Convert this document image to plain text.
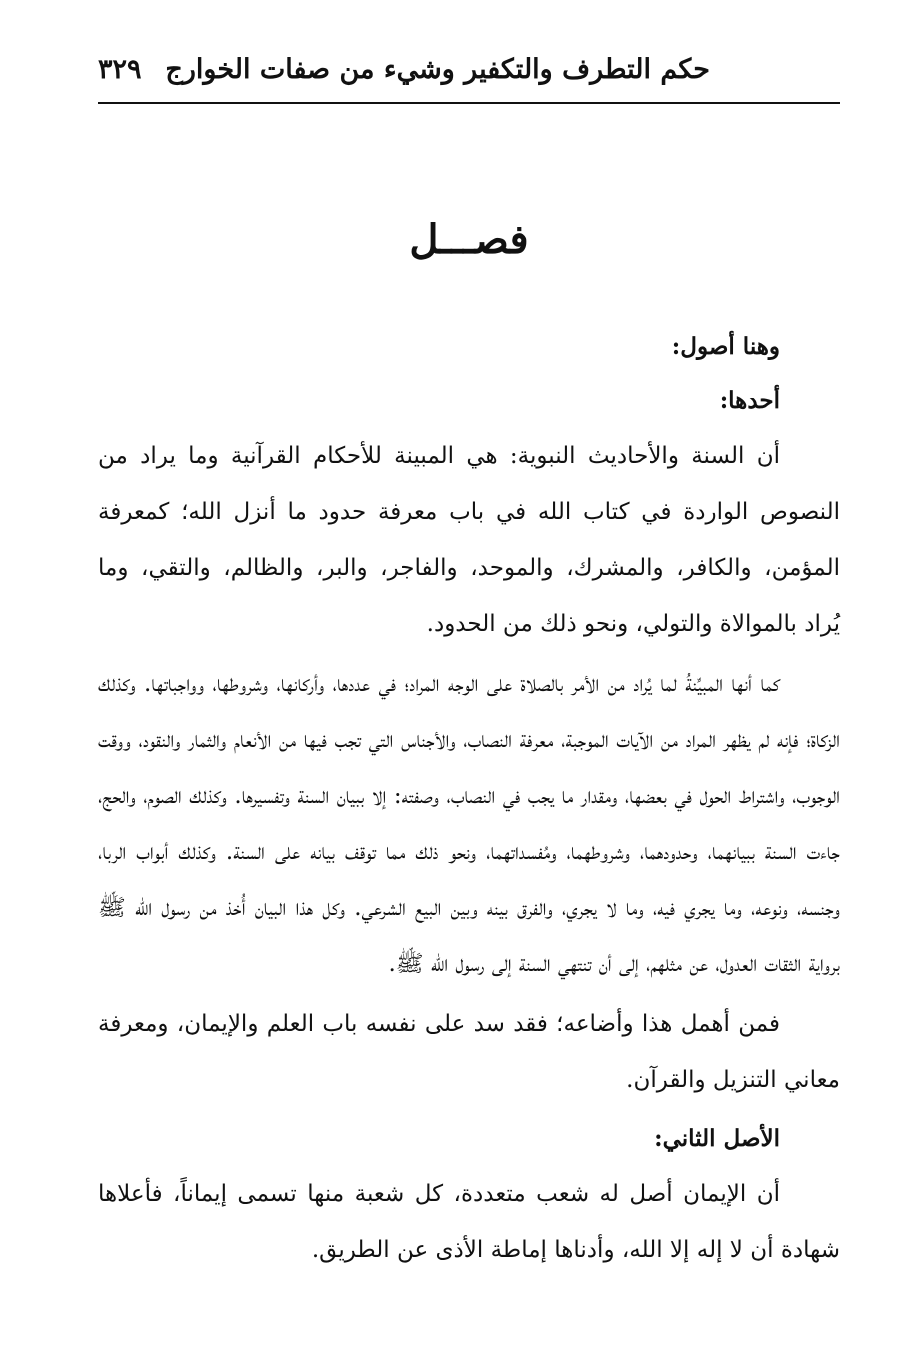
حكم التطرف والتكفير وشيء من صفات الخوارج
٣٢٩
فصـــل
وهنا أصول:
أحدها:

أن السنة والأحاديث النبوية: هي المبينة للأحكام القرآنية وما يراد من النصوص الواردة في كتاب الله في باب معرفة حدود ما أنزل الله؛ كمعرفة المؤمن، والكافر، والمشرك، والموحد، والفاجر، والبر، والظالم، والتقي، وما يُراد بالموالاة والتولي، ونحو ذلك من الحدود.

كما أنها المبيِّنةُ لما يُراد من الأمر بالصلاة على الوجه المراد؛ في عددها، وأركانها، وشروطها، وواجباتها. وكذلك الزكاة؛ فإنه لم يظهر المراد من الآيات الموجبة، معرفة النصاب، والأجناس التي تجب فيها من الأنعام والثمار والنقود، ووقت الوجوب، واشتراط الحول في بعضها، ومقدار ما يجب في النصاب، وصفته: إلا ببيان السنة وتفسيرها. وكذلك الصوم، والحج، جاءت السنة ببيانهما، وحدودهما، وشروطهما، ومُفسداتهما، ونحو ذلك مما توقف بيانه على السنة. وكذلك أبواب الربا، وجنسه، ونوعه، وما يجري فيه، وما لا يجري، والفرق بينه وبين البيع الشرعي. وكل هذا البيان أُخذ من رسول الله ﷺ برواية الثقات العدول، عن مثلهم، إلى أن تنتهي السنة إلى رسول الله ﷺ.

فمن أهمل هذا وأضاعه؛ فقد سد على نفسه باب العلم والإيمان، ومعرفة معاني التنزيل والقرآن.

الأصل الثاني:

أن الإيمان أصل له شعب متعددة، كل شعبة منها تسمى إيماناً، فأعلاها شهادة أن لا إله إلا الله، وأدناها إماطة الأذى عن الطريق.
